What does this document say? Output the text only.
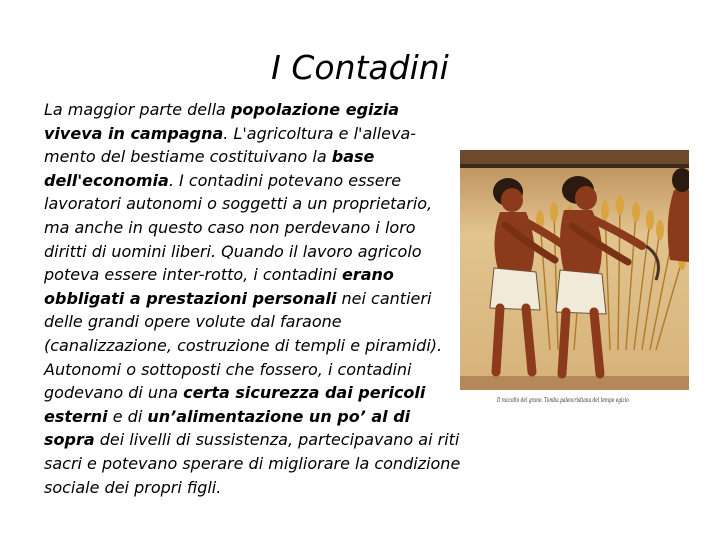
I Contadini
La maggior parte della popolazione egizia viveva in campagna. L'agricoltura e l'alleva-mento del bestiame costituivano la base dell'economia. I contadini potevano essere lavoratori autonomi o soggetti a un proprietario, ma anche in questo caso non perdevano i loro diritti di uomini liberi. Quando il lavoro agricolo poteva essere inter-rotto, i contadini erano obbligati a prestazioni personali nei cantieri delle grandi opere volute dal faraone (canalizzazione, costruzione di templi e piramidi). Autonomi o sottoposti che fossero, i contadini godevano di una certa sicurezza dai pericoli esterni e di un’alimentazione un po’ al di sopra dei livelli di sussistenza, partecipavano ai riti sacri e potevano sperare di migliorare la condizione sociale dei propri figli.
Il raccolto del grano. Tomba paleocristiana del tempo egizio
